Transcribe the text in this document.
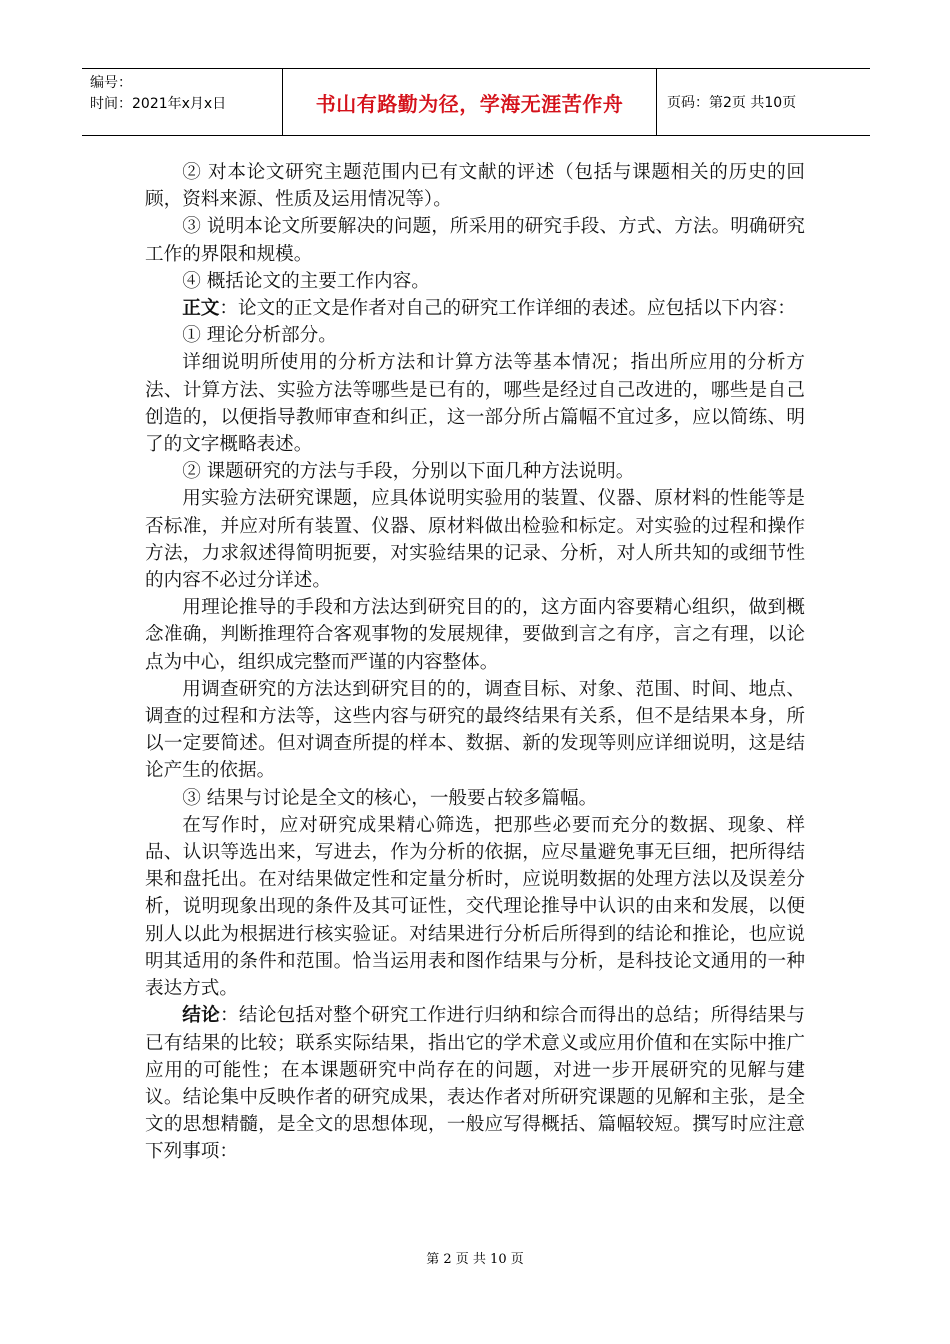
编号：
时间：2021年x月x日	书山有路勤为径，学海无涯苦作舟	页码：第2页 共10页

② 对本论文研究主题范围内已有文献的评述（包括与课题相关的历史的回顾，资料来源、性质及运用情况等）。

③ 说明本论文所要解决的问题，所采用的研究手段、方式、方法。明确研究工作的界限和规模。

④ 概括论文的主要工作内容。

正文：论文的正文是作者对自己的研究工作详细的表述。应包括以下内容：

① 理论分析部分。

详细说明所使用的分析方法和计算方法等基本情况；指出所应用的分析方法、计算方法、实验方法等哪些是已有的，哪些是经过自己改进的，哪些是自己创造的，以便指导教师审查和纠正，这一部分所占篇幅不宜过多，应以简练、明了的文字概略表述。

② 课题研究的方法与手段，分别以下面几种方法说明。

用实验方法研究课题，应具体说明实验用的装置、仪器、原材料的性能等是否标准，并应对所有装置、仪器、原材料做出检验和标定。对实验的过程和操作方法，力求叙述得简明扼要，对实验结果的记录、分析，对人所共知的或细节性的内容不必过分详述。

用理论推导的手段和方法达到研究目的的，这方面内容要精心组织，做到概念准确，判断推理符合客观事物的发展规律，要做到言之有序，言之有理，以论点为中心，组织成完整而严谨的内容整体。

用调查研究的方法达到研究目的的，调查目标、对象、范围、时间、地点、调查的过程和方法等，这些内容与研究的最终结果有关系，但不是结果本身，所以一定要简述。但对调查所提的样本、数据、新的发现等则应详细说明，这是结论产生的依据。

③ 结果与讨论是全文的核心，一般要占较多篇幅。

在写作时，应对研究成果精心筛选，把那些必要而充分的数据、现象、样品、认识等选出来，写进去，作为分析的依据，应尽量避免事无巨细，把所得结果和盘托出。在对结果做定性和定量分析时，应说明数据的处理方法以及误差分析，说明现象出现的条件及其可证性，交代理论推导中认识的由来和发展，以便别人以此为根据进行核实验证。对结果进行分析后所得到的结论和推论，也应说明其适用的条件和范围。恰当运用表和图作结果与分析，是科技论文通用的一种表达方式。

结论：结论包括对整个研究工作进行归纳和综合而得出的总结；所得结果与已有结果的比较；联系实际结果，指出它的学术意义或应用价值和在实际中推广应用的可能性；在本课题研究中尚存在的问题，对进一步开展研究的见解与建议。结论集中反映作者的研究成果，表达作者对所研究课题的见解和主张，是全文的思想精髓，是全文的思想体现，一般应写得概括、篇幅较短。撰写时应注意下列事项：

第 2 页 共 10 页
